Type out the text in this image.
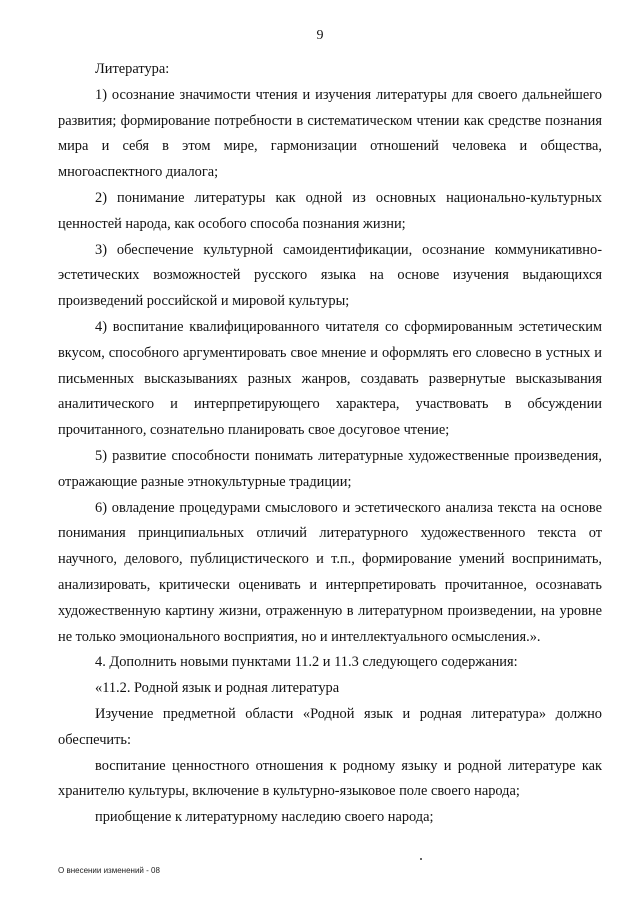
9

Литература:

1) осознание значимости чтения и изучения литературы для своего дальнейшего развития; формирование потребности в систематическом чтении как средстве познания мира и себя в этом мире, гармонизации отношений человека и общества, многоаспектного диалога;

2) понимание литературы как одной из основных национально-культурных ценностей народа, как особого способа познания жизни;

3) обеспечение культурной самоидентификации, осознание коммуникативно-эстетических возможностей русского языка на основе изучения выдающихся произведений российской и мировой культуры;

4) воспитание квалифицированного читателя со сформированным эстетическим вкусом, способного аргументировать свое мнение и оформлять его словесно в устных и письменных высказываниях разных жанров, создавать развернутые высказывания аналитического и интерпретирующего характера, участвовать в обсуждении прочитанного, сознательно планировать свое досуговое чтение;

5) развитие способности понимать литературные художественные произведения, отражающие разные этнокультурные традиции;

6) овладение процедурами смыслового и эстетического анализа текста на основе понимания принципиальных отличий литературного художественного текста от научного, делового, публицистического и т.п., формирование умений воспринимать, анализировать, критически оценивать и интерпретировать прочитанное, осознавать художественную картину жизни, отраженную в литературном произведении, на уровне не только эмоционального восприятия, но и интеллектуального осмысления.».

4. Дополнить новыми пунктами 11.2 и 11.3 следующего содержания:

«11.2. Родной язык и родная литература

Изучение предметной области «Родной язык и родная литература» должно обеспечить:

воспитание ценностного отношения к родному языку и родной литературе как хранителю культуры, включение в культурно-языковое поле своего народа;

приобщение к литературному наследию своего народа;

О внесении изменений - 08
